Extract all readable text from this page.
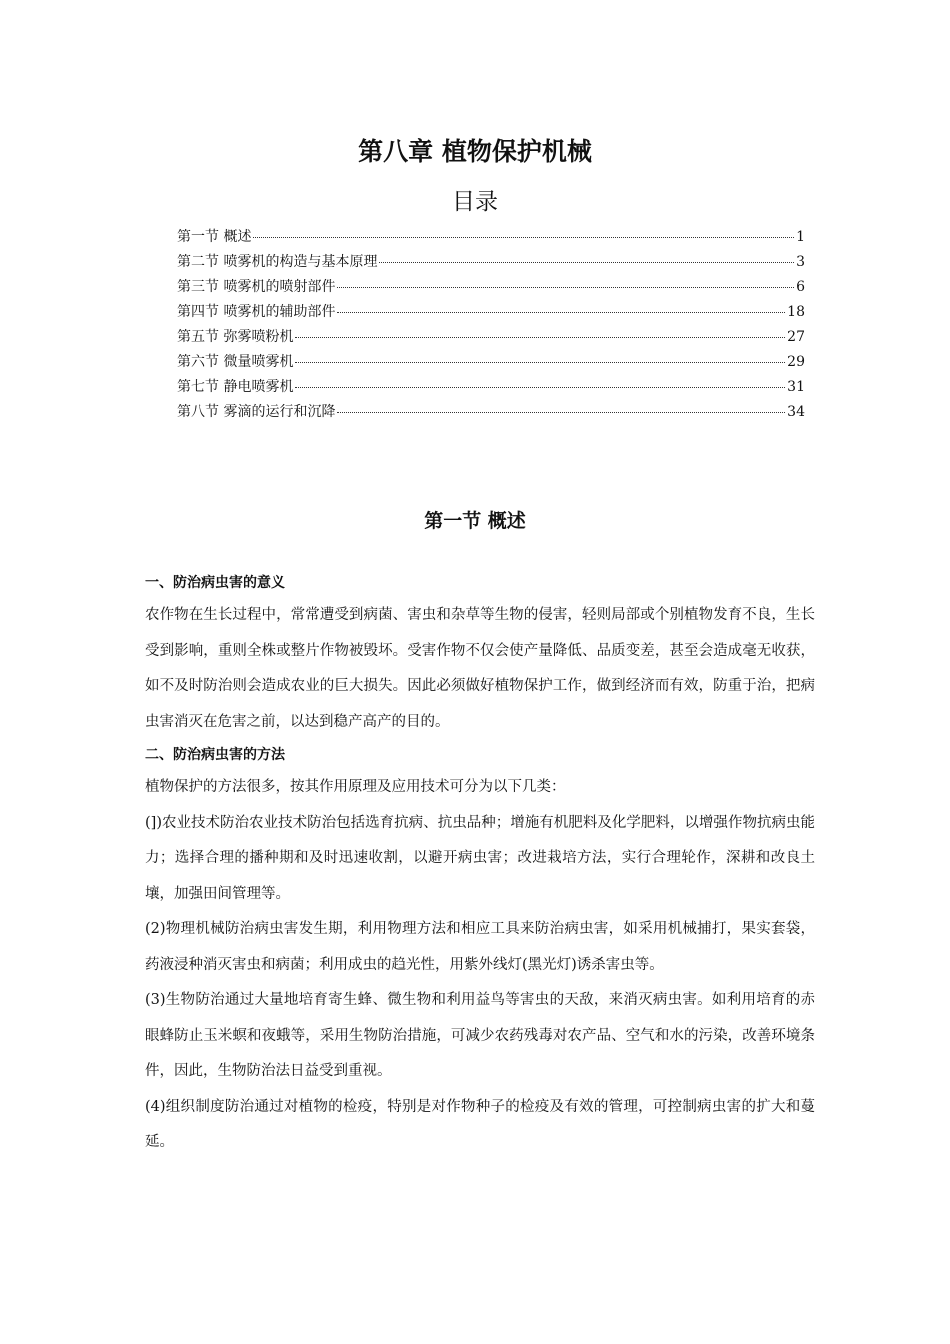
第八章 植物保护机械
目录
第一节 概述	1
第二节 喷雾机的构造与基本原理	3
第三节 喷雾机的喷射部件	6
第四节 喷雾机的辅助部件	18
第五节 弥雾喷粉机	27
第六节 微量喷雾机	29
第七节 静电喷雾机	31
第八节 雾滴的运行和沉降	34
第一节 概述
一、防治病虫害的意义

农作物在生长过程中，常常遭受到病菌、害虫和杂草等生物的侵害，轻则局部或个别植物发育不良，生长受到影响，重则全株或整片作物被毁坏。受害作物不仅会使产量降低、品质变差，甚至会造成毫无收获，如不及时防治则会造成农业的巨大损失。因此必须做好植物保护工作，做到经济而有效，防重于治，把病虫害消灭在危害之前，以达到稳产高产的目的。

二、防治病虫害的方法

植物保护的方法很多，按其作用原理及应用技术可分为以下几类：

(])农业技术防治农业技术防治包括选育抗病、抗虫品种；增施有机肥料及化学肥料，以增强作物抗病虫能力；选择合理的播种期和及时迅速收割，以避开病虫害；改进栽培方法，实行合理轮作，深耕和改良土壤，加强田间管理等。

(2)物理机械防治病虫害发生期，利用物理方法和相应工具来防治病虫害，如采用机械捕打，果实套袋，药液浸种消灭害虫和病菌；利用成虫的趋光性，用紫外线灯(黑光灯)诱杀害虫等。

(3)生物防治通过大量地培育寄生蜂、微生物和利用益鸟等害虫的天敌，来消灭病虫害。如利用培育的赤眼蜂防止玉米螟和夜蛾等，采用生物防治措施，可减少农药残毒对农产品、空气和水的污染，改善环境条件，因此，生物防治法日益受到重视。

(4)组织制度防治通过对植物的检疫，特别是对作物种子的检疫及有效的管理，可控制病虫害的扩大和蔓延。
